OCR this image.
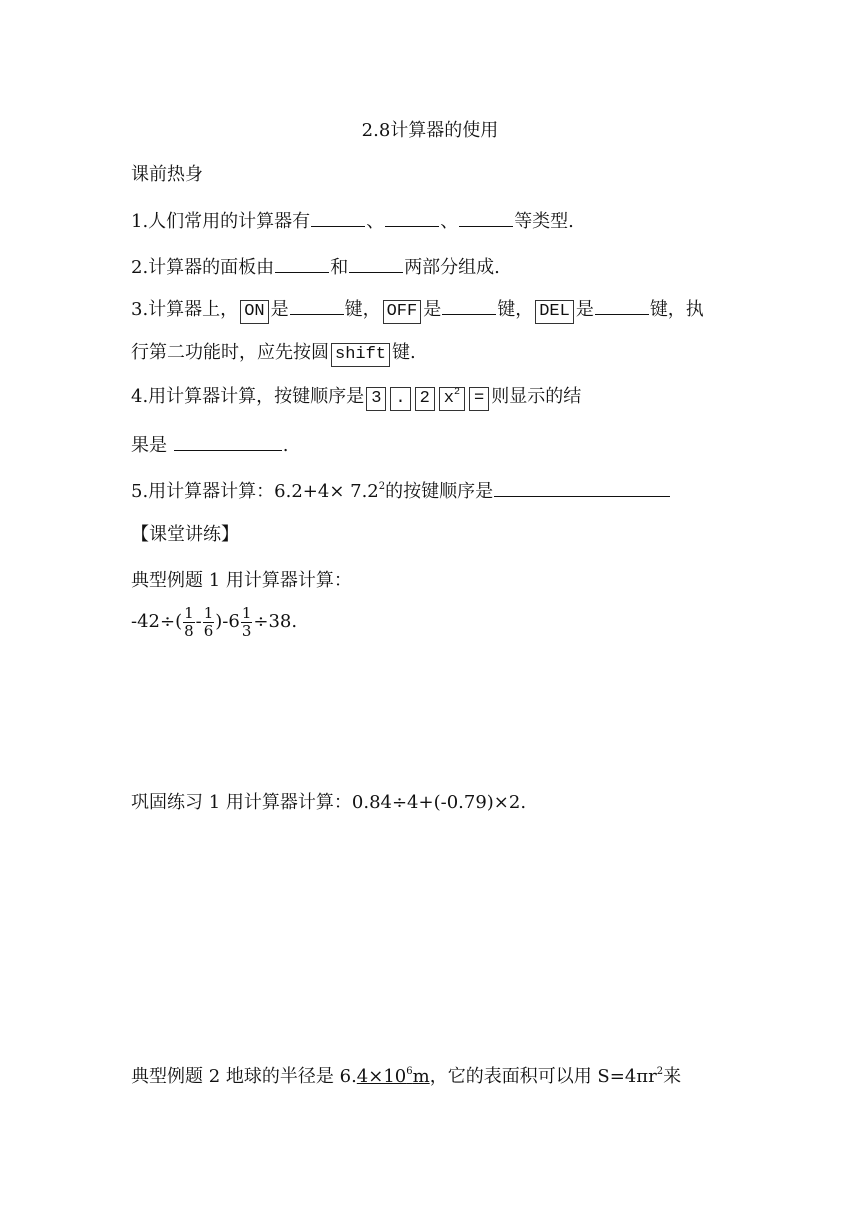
2.8计算器的使用
课前热身
1.人们常用的计算器有	、	、	等类型.
2.计算器的面板由	和	两部分组成.
3.计算器上， ON 是	键， OFF 是	键， DEL 是	键，执
行第二功能时，应先按圆 shift 键.
4.用计算器计算，按键顺序是 3 . 2 $x^2$ = 则显示的结
果是	.
5.用计算器计算：$6.2+4\times 7.2^2$的按键顺序是
【课堂讲练】
典型例题 1 用计算器计算：
$-42\div( \frac{1}{8} - \frac{1}{6} )-6 \frac{1}{3} \div 38$.
巩固练习 1 用计算器计算：0.84÷4+(-0.79)×2.
典型例题 2 地球的半径是 $6.4\times 10^6m$，它的表面积可以用 $S=4\pi r^2$来
